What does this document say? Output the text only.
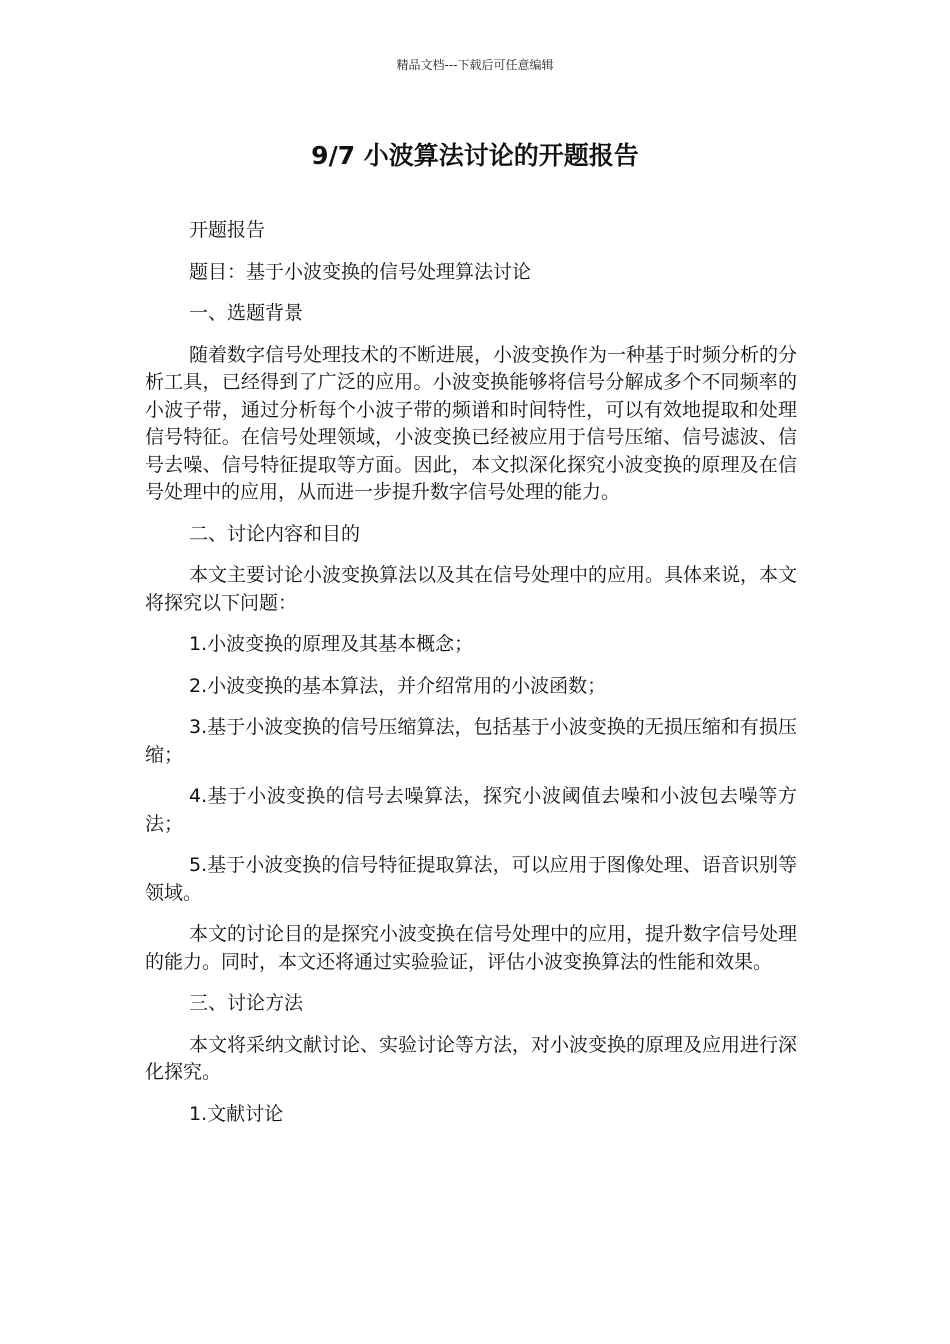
精品文档---下载后可任意编辑
9/7 小波算法讨论的开题报告

开题报告

题目：基于小波变换的信号处理算法讨论

一、选题背景

随着数字信号处理技术的不断进展，小波变换作为一种基于时频分析的分析工具，已经得到了广泛的应用。小波变换能够将信号分解成多个不同频率的小波子带，通过分析每个小波子带的频谱和时间特性，可以有效地提取和处理信号特征。在信号处理领域，小波变换已经被应用于信号压缩、信号滤波、信号去噪、信号特征提取等方面。因此，本文拟深化探究小波变换的原理及在信号处理中的应用，从而进一步提升数字信号处理的能力。

二、讨论内容和目的

本文主要讨论小波变换算法以及其在信号处理中的应用。具体来说，本文将探究以下问题：

1.小波变换的原理及其基本概念；

2.小波变换的基本算法，并介绍常用的小波函数；

3.基于小波变换的信号压缩算法，包括基于小波变换的无损压缩和有损压缩；

4.基于小波变换的信号去噪算法，探究小波阈值去噪和小波包去噪等方法；

5.基于小波变换的信号特征提取算法，可以应用于图像处理、语音识别等领域。

本文的讨论目的是探究小波变换在信号处理中的应用，提升数字信号处理的能力。同时，本文还将通过实验验证，评估小波变换算法的性能和效果。

三、讨论方法

本文将采纳文献讨论、实验讨论等方法，对小波变换的原理及应用进行深化探究。

1.文献讨论
